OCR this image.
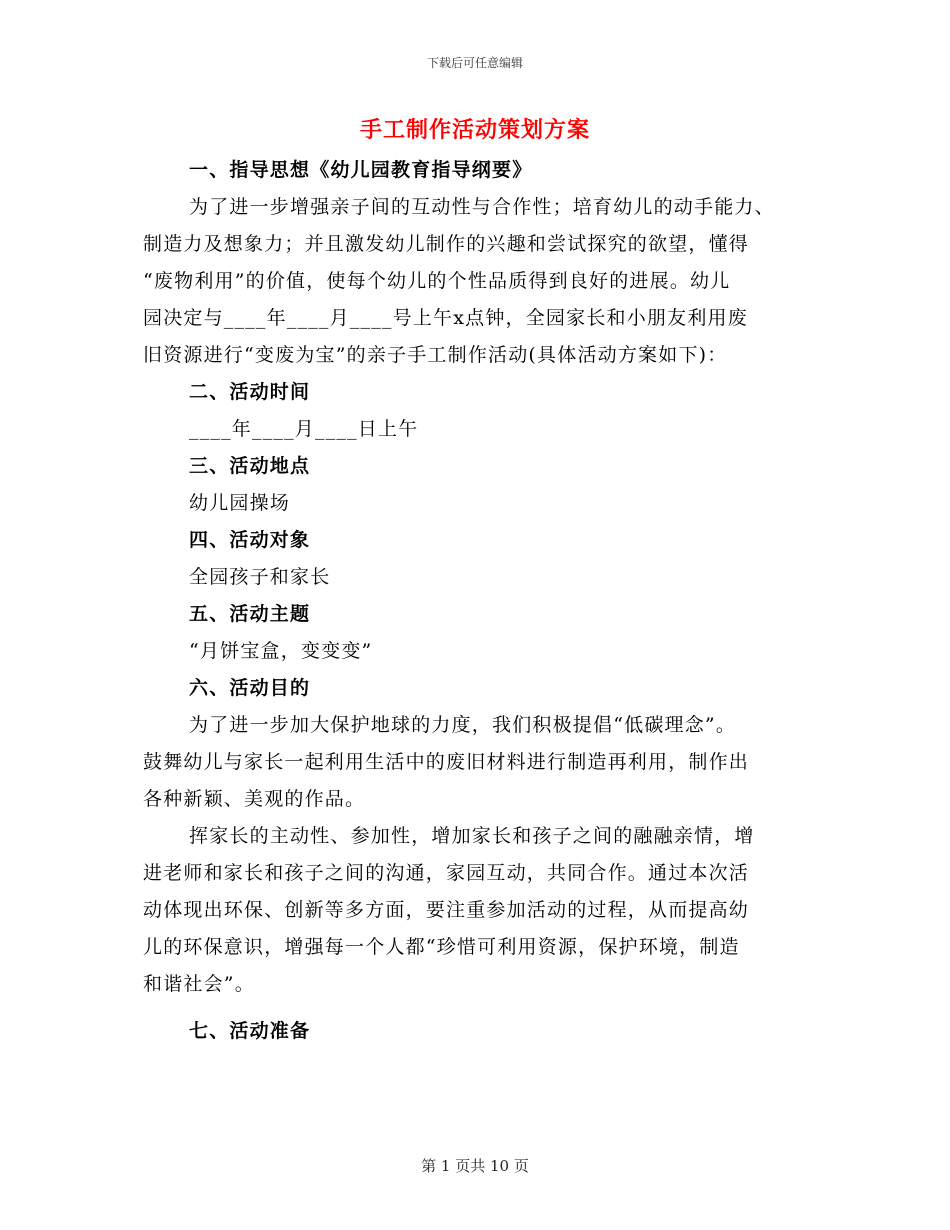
下载后可任意编辑
手工制作活动策划方案
一、指导思想《幼儿园教育指导纲要》
为了进一步增强亲子间的互动性与合作性；培育幼儿的动手能力、
制造力及想象力；并且激发幼儿制作的兴趣和尝试探究的欲望，懂得
“废物利用”的价值，使每个幼儿的个性品质得到良好的进展。幼儿
园决定与____年____月____号上午x点钟，全园家长和小朋友利用废
旧资源进行“变废为宝”的亲子手工制作活动(具体活动方案如下)：
二、活动时间
____年____月____日上午
三、活动地点
幼儿园操场
四、活动对象
全园孩子和家长
五、活动主题
“月饼宝盒，变变变”
六、活动目的
为了进一步加大保护地球的力度，我们积极提倡“低碳理念”。
鼓舞幼儿与家长一起利用生活中的废旧材料进行制造再利用，制作出
各种新颖、美观的作品。
挥家长的主动性、参加性，增加家长和孩子之间的融融亲情，增
进老师和家长和孩子之间的沟通，家园互动，共同合作。通过本次活
动体现出环保、创新等多方面，要注重参加活动的过程，从而提高幼
儿的环保意识，增强每一个人都“珍惜可利用资源，保护环境，制造
和谐社会”。
七、活动准备
第 1 页共 10 页
